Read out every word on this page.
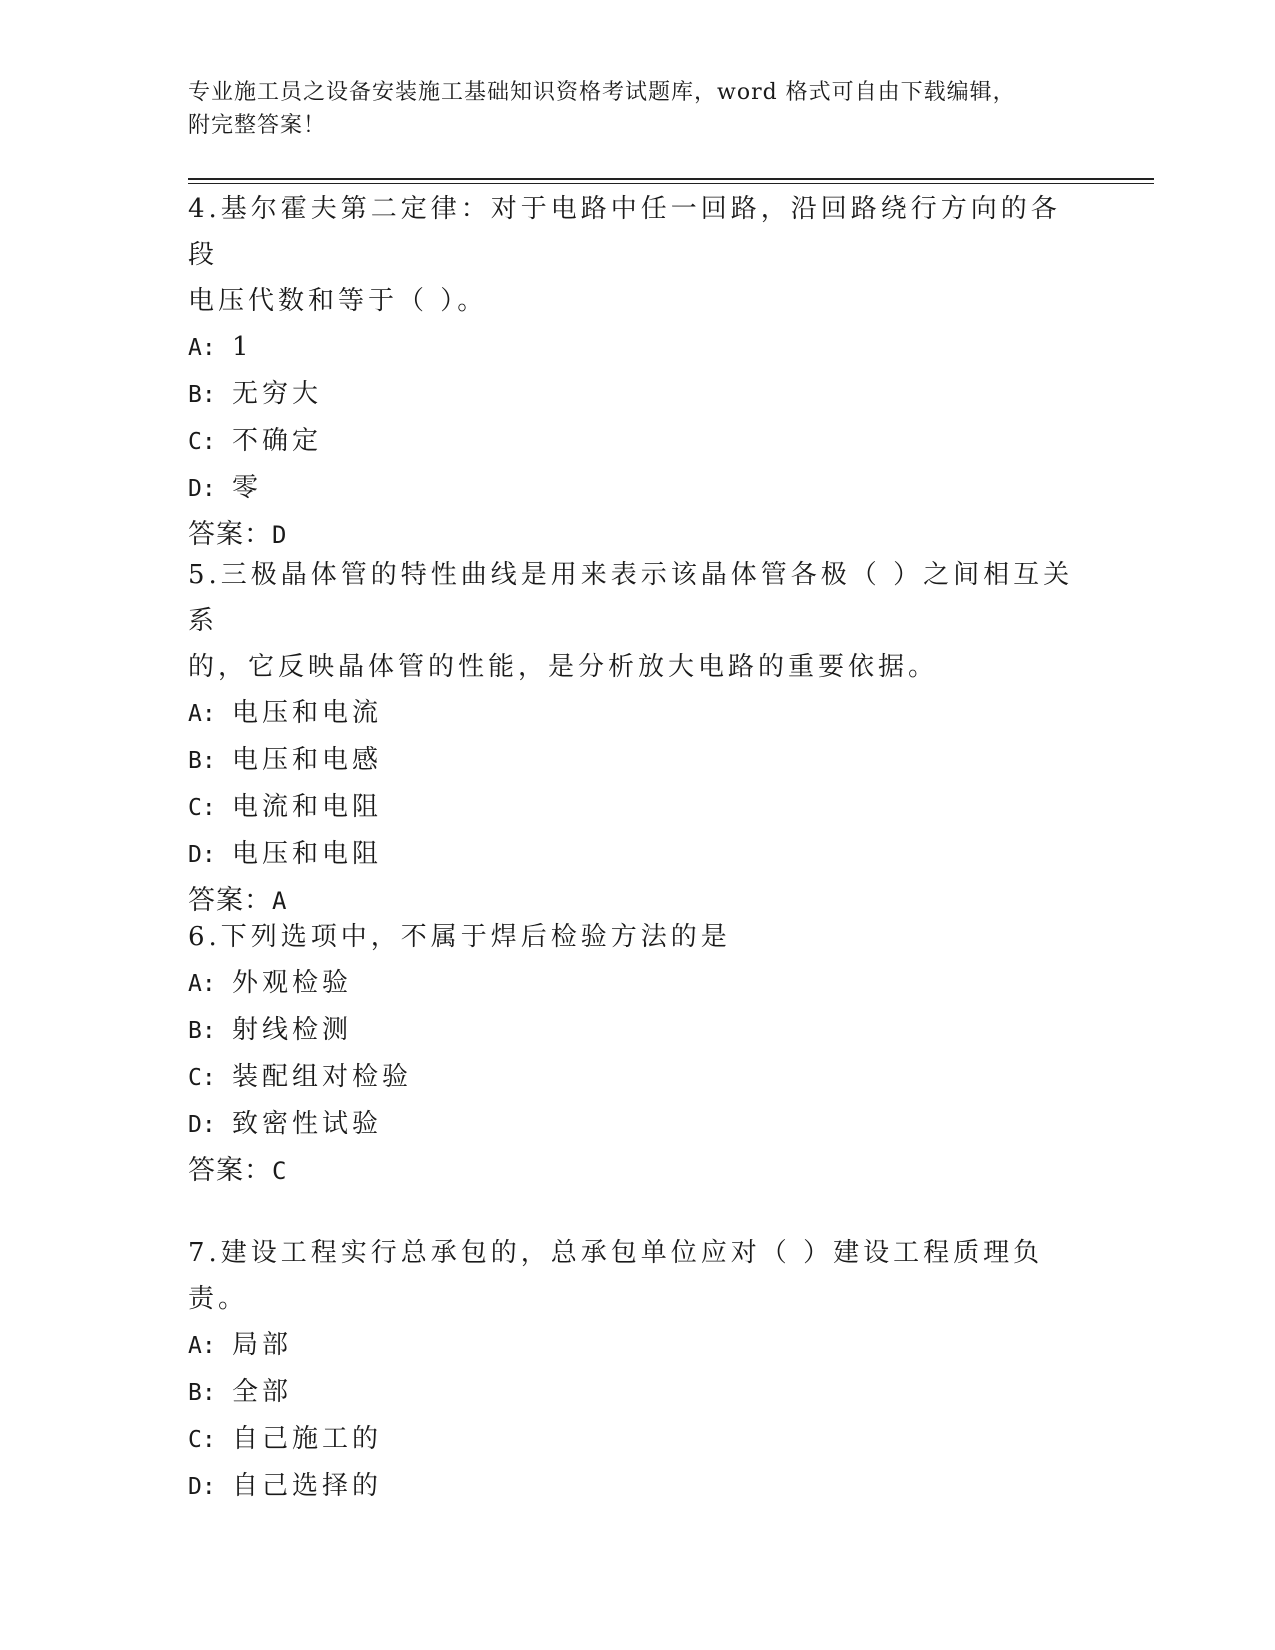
专业施工员之设备安装施工基础知识资格考试题库，word 格式可自由下载编辑，
附完整答案！

4.基尔霍夫第二定律：对于电路中任一回路，沿回路绕行方向的各段

电压代数和等于（ ）。

A: 1

B: 无穷大

C: 不确定

D: 零

答案：D

5.三极晶体管的特性曲线是用来表示该晶体管各极（ ）之间相互关系

的，它反映晶体管的性能，是分析放大电路的重要依据。

A: 电压和电流

B: 电压和电感

C: 电流和电阻

D: 电压和电阻

答案：A

6.下列选项中，不属于焊后检验方法的是

A: 外观检验

B: 射线检测

C: 装配组对检验

D: 致密性试验

答案：C

7.建设工程实行总承包的，总承包单位应对（ ）建设工程质理负责。

A: 局部

B: 全部

C: 自己施工的

D: 自己选择的
